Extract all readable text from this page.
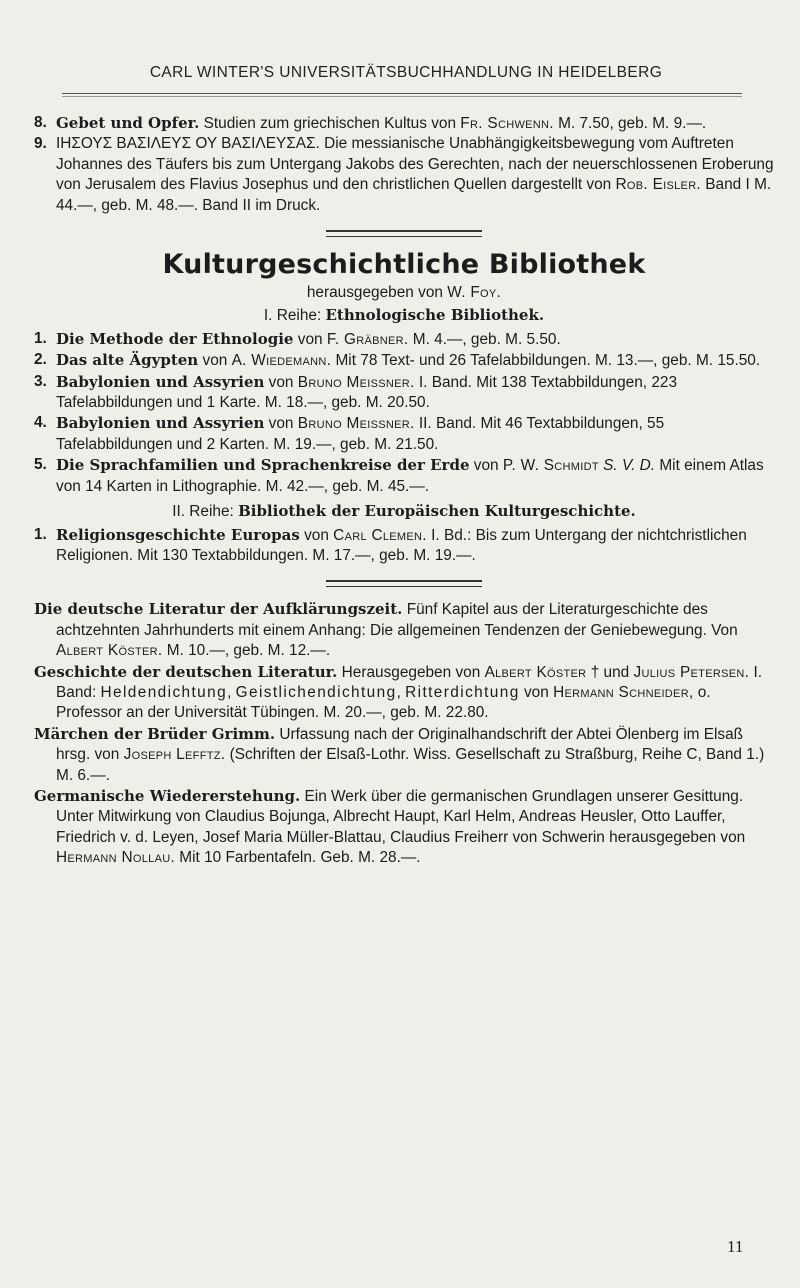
CARL WINTER'S UNIVERSITÄTSBUCHHANDLUNG IN HEIDELBERG

8. Gebet und Opfer. Studien zum griechischen Kultus von Fr. Schwenn. M. 7.50, geb. M. 9.—.

9. ΙΗΣΟΥΣ ΒΑΣΙΛΕΥΣ ΟΥ ΒΑΣΙΛΕΥΣΑΣ. Die messianische Unabhängigkeitsbewegung vom Auftreten Johannes des Täufers bis zum Untergang Jakobs des Gerechten, nach der neuerschlossenen Eroberung von Jerusalem des Flavius Josephus und den christlichen Quellen dargestellt von Rob. Eisler. Band I M. 44.—, geb. M. 48.—. Band II im Druck.

Kulturgeschichtliche Bibliothek
herausgegeben von W. Foy.
I. Reihe: Ethnologische Bibliothek.

1. Die Methode der Ethnologie von F. Gräbner. M. 4.—, geb. M. 5.50.

2. Das alte Ägypten von A. Wiedemann. Mit 78 Text- und 26 Tafelabbildungen. M. 13.—, geb. M. 15.50.

3. Babylonien und Assyrien von Bruno Meissner. I. Band. Mit 138 Textabbildungen, 223 Tafelabbildungen und 1 Karte. M. 18.—, geb. M. 20.50.

4. Babylonien und Assyrien von Bruno Meissner. II. Band. Mit 46 Textabbildungen, 55 Tafelabbildungen und 2 Karten. M. 19.—, geb. M. 21.50.

5. Die Sprachfamilien und Sprachenkreise der Erde von P. W. Schmidt S. V. D. Mit einem Atlas von 14 Karten in Lithographie. M. 42.—, geb. M. 45.—.

II. Reihe: Bibliothek der Europäischen Kulturgeschichte.

1. Religionsgeschichte Europas von Carl Clemen. I. Bd.: Bis zum Untergang der nichtchristlichen Religionen. Mit 130 Textabbildungen. M. 17.—, geb. M. 19.—.

Die deutsche Literatur der Aufklärungszeit. Fünf Kapitel aus der Literaturgeschichte des achtzehnten Jahrhunderts mit einem Anhang: Die allgemeinen Tendenzen der Geniebewegung. Von Albert Köster. M. 10.—, geb. M. 12.—.

Geschichte der deutschen Literatur. Herausgegeben von Albert Köster † und Julius Petersen. I. Band: Heldendichtung, Geistlichendichtung, Ritterdichtung von Hermann Schneider, o. Professor an der Universität Tübingen. M. 20.—, geb. M. 22.80.

Märchen der Brüder Grimm. Urfassung nach der Originalhandschrift der Abtei Ölenberg im Elsaß hrsg. von Joseph Lefftz. (Schriften der Elsaß-Lothr. Wiss. Gesellschaft zu Straßburg, Reihe C, Band 1.) M. 6.—.

Germanische Wiedererstehung. Ein Werk über die germanischen Grundlagen unserer Gesittung. Unter Mitwirkung von Claudius Bojunga, Albrecht Haupt, Karl Helm, Andreas Heusler, Otto Lauffer, Friedrich v. d. Leyen, Josef Maria Müller-Blattau, Claudius Freiherr von Schwerin herausgegeben von Hermann Nollau. Mit 10 Farbentafeln. Geb. M. 28.—.

11
